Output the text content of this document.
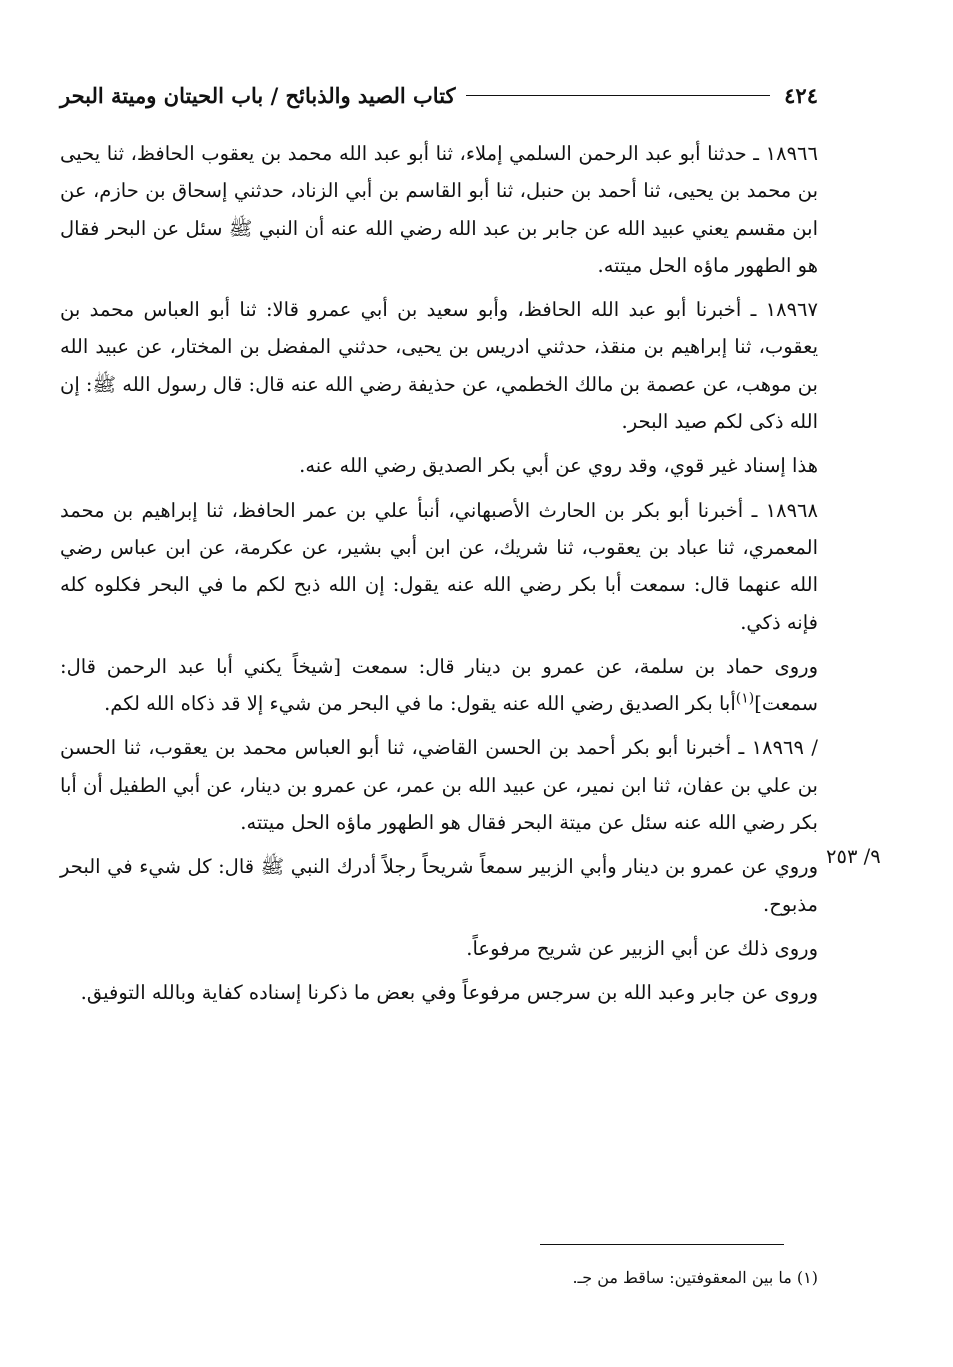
٤٢٤
كتاب الصيد والذبائح / باب الحيتان وميتة البحر

١٨٩٦٦ ـ حدثنا أبو عبد الرحمن السلمي إملاء، ثنا أبو عبد الله محمد بن يعقوب الحافظ، ثنا يحيى بن محمد بن يحيى، ثنا أحمد بن حنبل، ثنا أبو القاسم بن أبي الزناد، حدثني إسحاق بن حازم، عن ابن مقسم يعني عبيد الله عن جابر بن عبد الله رضي الله عنه أن النبي ﷺ سئل عن البحر فقال هو الطهور ماؤه الحل ميتته.

١٨٩٦٧ ـ أخبرنا أبو عبد الله الحافظ، وأبو سعيد بن أبي عمرو قالا: ثنا أبو العباس محمد بن يعقوب، ثنا إبراهيم بن منقذ، حدثني ادريس بن يحيى، حدثني المفضل بن المختار، عن عبيد الله بن موهب، عن عصمة بن مالك الخطمي، عن حذيفة رضي الله عنه قال: قال رسول الله ﷺ: إن الله ذكى لكم صيد البحر.

هذا إسناد غير قوي، وقد روي عن أبي بكر الصديق رضي الله عنه.

١٨٩٦٨ ـ أخبرنا أبو بكر بن الحارث الأصبهاني، أنبأ علي بن عمر الحافظ، ثنا إبراهيم بن محمد المعمري، ثنا عباد بن يعقوب، ثنا شريك، عن ابن أبي بشير، عن عكرمة، عن ابن عباس رضي الله عنهما قال: سمعت أبا بكر رضي الله عنه يقول: إن الله ذبح لكم ما في البحر فكلوه كله فإنه ذكي.

وروى حماد بن سلمة، عن عمرو بن دينار قال: سمعت [شيخاً يكني أبا عبد الرحمن قال: سمعت]$^{(١)}$أبا بكر الصديق رضي الله عنه يقول: ما في البحر من شيء إلا قد ذكاه الله لكم.

/ ١٨٩٦٩ ـ أخبرنا أبو بكر أحمد بن الحسن القاضي، ثنا أبو العباس محمد بن يعقوب، ثنا الحسن بن علي بن عفان، ثنا ابن نمير، عن عبيد الله بن عمر، عن عمرو بن دينار، عن أبي الطفيل أن أبا بكر رضي الله عنه سئل عن ميتة البحر فقال هو الطهور ماؤه الحل ميتته.

وروي عن عمرو بن دينار وأبي الزبير سمعاً شريحاً رجلاً أدرك النبي ﷺ قال: كل شيء في البحر مذبوح.

وروى ذلك عن أبي الزبير عن شريح مرفوعاً.

وروى عن جابر وعبد الله بن سرجس مرفوعاً وفي بعض ما ذكرنا إسناده كفاية وبالله التوفيق.

٩/ ٢٥٣
(١) ما بين المعقوفتين: ساقط من جـ.
